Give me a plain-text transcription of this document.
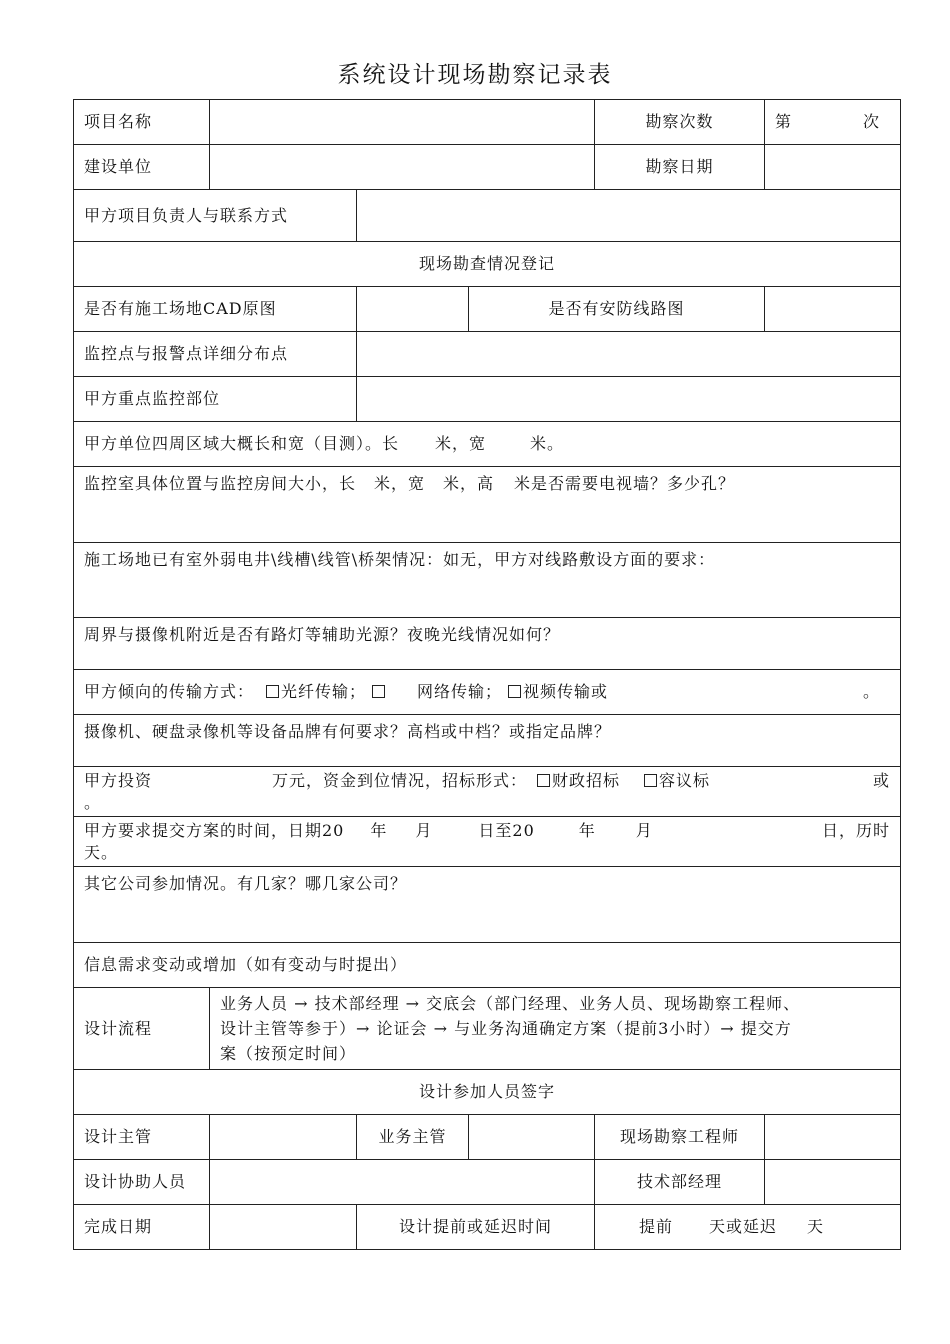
系统设计现场勘察记录表
项目名称				勘察次数	第 次

建设单位				勘察日期	
甲方项目负责人与联系方式					
现场勘查情况登记					
是否有施工场地CAD原图			是否有安防线路图		
监控点与报警点详细分布点					
甲方重点监控部位					
甲方单位四周区域大概长和宽（目测）。长 米，宽 米。					
监控室具体位置与监控房间大小，长 米，宽 米，高 米是否需要电视墙？多少孔？					
施工场地已有室外弱电井\线槽\线管\桥架情况：如无，甲方对线路敷设方面的要求：					
周界与摄像机附近是否有路灯等辅助光源？夜晚光线情况如何？					
甲方倾向的传输方式： 光纤传输； 网络传输； 视频传输或 。					

摄像机、硬盘录像机等设备品牌有何要求？高档或中档？或指定品牌？					
甲方投资 万元，资金到位情况，招标形式： 财政招标 容议标 或

。					
甲方要求提交方案的时间，日期20 年 月 日至20 年 月 日，历时

天。					
其它公司参加情况。有几家？哪几家公司？					
信息需求变动或增加（如有变动与时提出）					
设计流程	业务人员 → 技术部经理 → 交底会（部门经理、业务人员、现场勘察工程师、
设计主管等参于）→ 论证会 → 与业务沟通确定方案（提前3小时）→ 提交方
案（按预定时间）				

设计参加人员签字					
设计主管		业务主管		现场勘察工程师	
设计协助人员				技术部经理	
完成日期		设计提前或延迟时间		提前 天或延迟 天	
